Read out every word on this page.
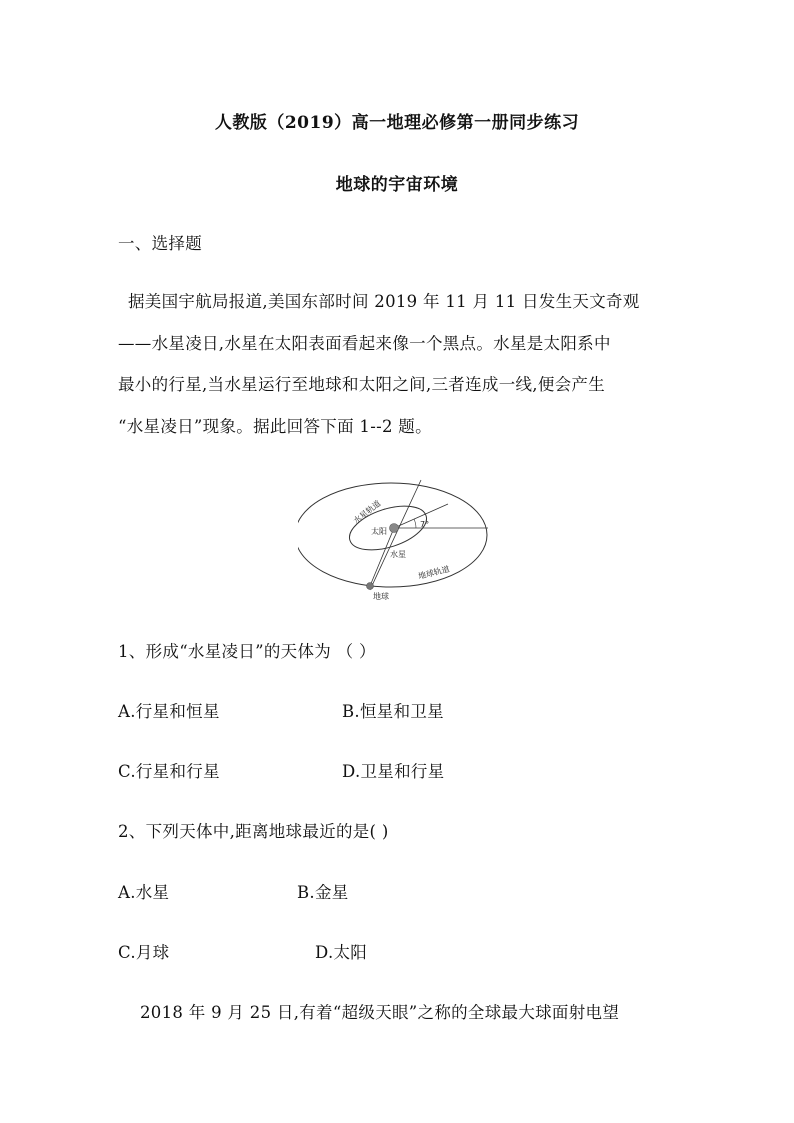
人教版（2019）高一地理必修第一册同步练习
地球的宇宙环境
一、选择题
据美国宇航局报道,美国东部时间 2019 年 11 月 11 日发生天文奇观
——水星凌日,水星在太阳表面看起来像一个黑点。水星是太阳系中
最小的行星,当水星运行至地球和太阳之间,三者连成一线,便会产生
“水星凌日”现象。据此回答下面 1--2 题。
水星轨道
太阳
7°
水星
地球轨道
地球
1、形成“水星凌日”的天体为 （ ）
A.行星和恒星	B.恒星和卫星
C.行星和行星	D.卫星和行星
2、下列天体中,距离地球最近的是( )
A.水星	B.金星
C.月球	D.太阳
2018 年 9 月 25 日,有着“超级天眼”之称的全球最大球面射电望
